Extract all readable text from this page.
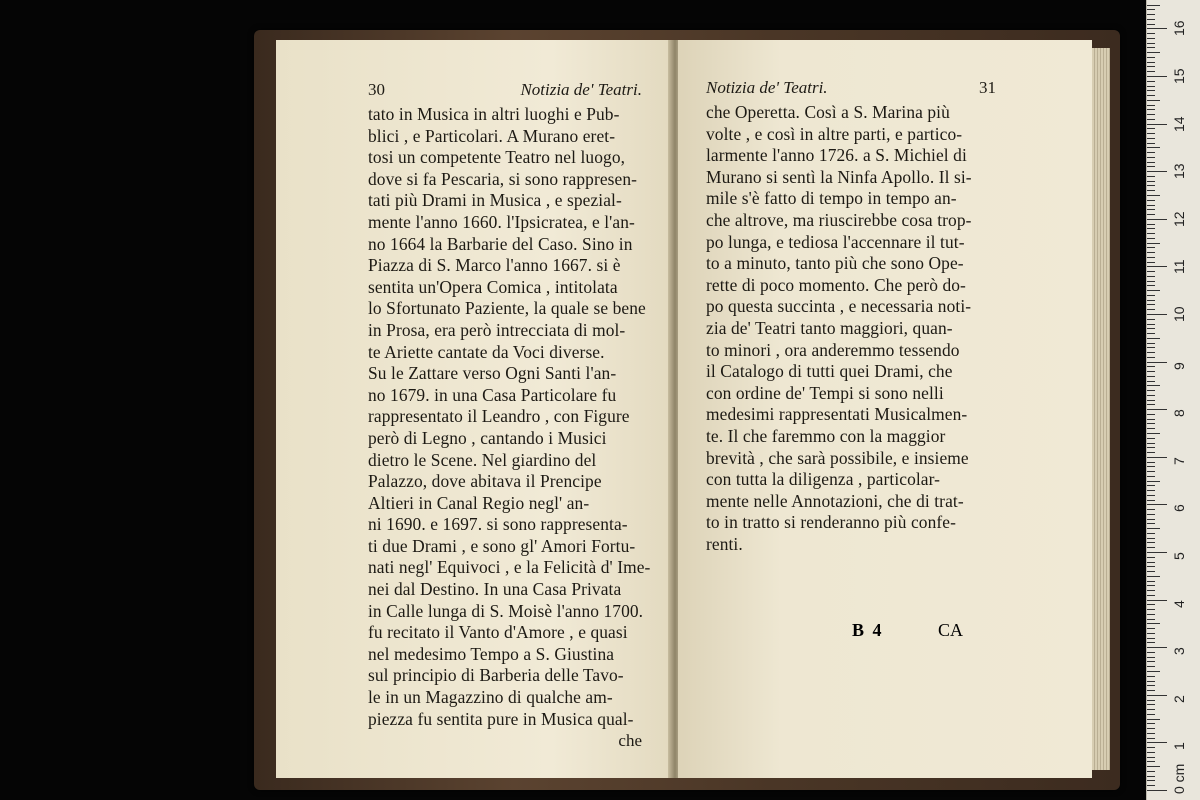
30	Notizia de' Teatri.
tato in Musica in altri luoghi e Pub-
blici , e Particolari. A Murano eret-
tosi un competente Teatro nel luogo,
dove si fa Pescaria, si sono rappresen-
tati più Drami in Musica , e spezial-
mente l'anno 1660. l'Ipsicratea, e l'an-
no 1664 la Barbarie del Caso. Sino in
Piazza di S. Marco l'anno 1667. si è
sentita un'Opera Comica , intitolata
lo Sfortunato Paziente, la quale se bene
in Prosa, era però intrecciata di mol-
te Ariette cantate da Voci diverse.
Su le Zattare verso Ogni Santi l'an-
no 1679. in una Casa Particolare fu
rappresentato il Leandro , con Figure
però di Legno , cantando i Musici
dietro le Scene. Nel giardino del
Palazzo, dove abitava il Prencipe
Altieri in Canal Regio negl' an-
ni 1690. e 1697. si sono rappresenta-
ti due Drami , e sono gl' Amori Fortu-
nati negl' Equivoci , e la Felicità d' Ime-
nei dal Destino. In una Casa Privata
in Calle lunga di S. Moisè l'anno 1700.
fu recitato il Vanto d'Amore , e quasi
nel medesimo Tempo a S. Giustina
sul principio di Barberia delle Tavo-
le in un Magazzino di qualche am-
piezza fu sentita pure in Musica qual-
che
Notizia de' Teatri.	31
che Operetta. Così a S. Marina più
volte , e così in altre parti, e partico-
larmente l'anno 1726. a S. Michiel di
Murano si sentì la Ninfa Apollo. Il si-
mile s'è fatto di tempo in tempo an-
che altrove, ma riuscirebbe cosa trop-
po lunga, e tediosa l'accennare il tut-
to a minuto, tanto più che sono Ope-
rette di poco momento. Che però do-
po questa succinta , e necessaria noti-
zia de' Teatri tanto maggiori, quan-
to minori , ora anderemmo tessendo
il Catalogo di tutti quei Drami, che
con ordine de' Tempi si sono nelli
medesimi rappresentati Musicalmen-
te. Il che faremmo con la maggior
brevità , che sarà possibile, e insieme
con tutta la diligenza , particolar-
mente nelle Annotazioni, che di trat-
to in tratto si renderanno più confe-
renti.
B 4	CA
0 cm
1
2
3
4
5
6
7
8
9
10
11
12
13
14
15
16
